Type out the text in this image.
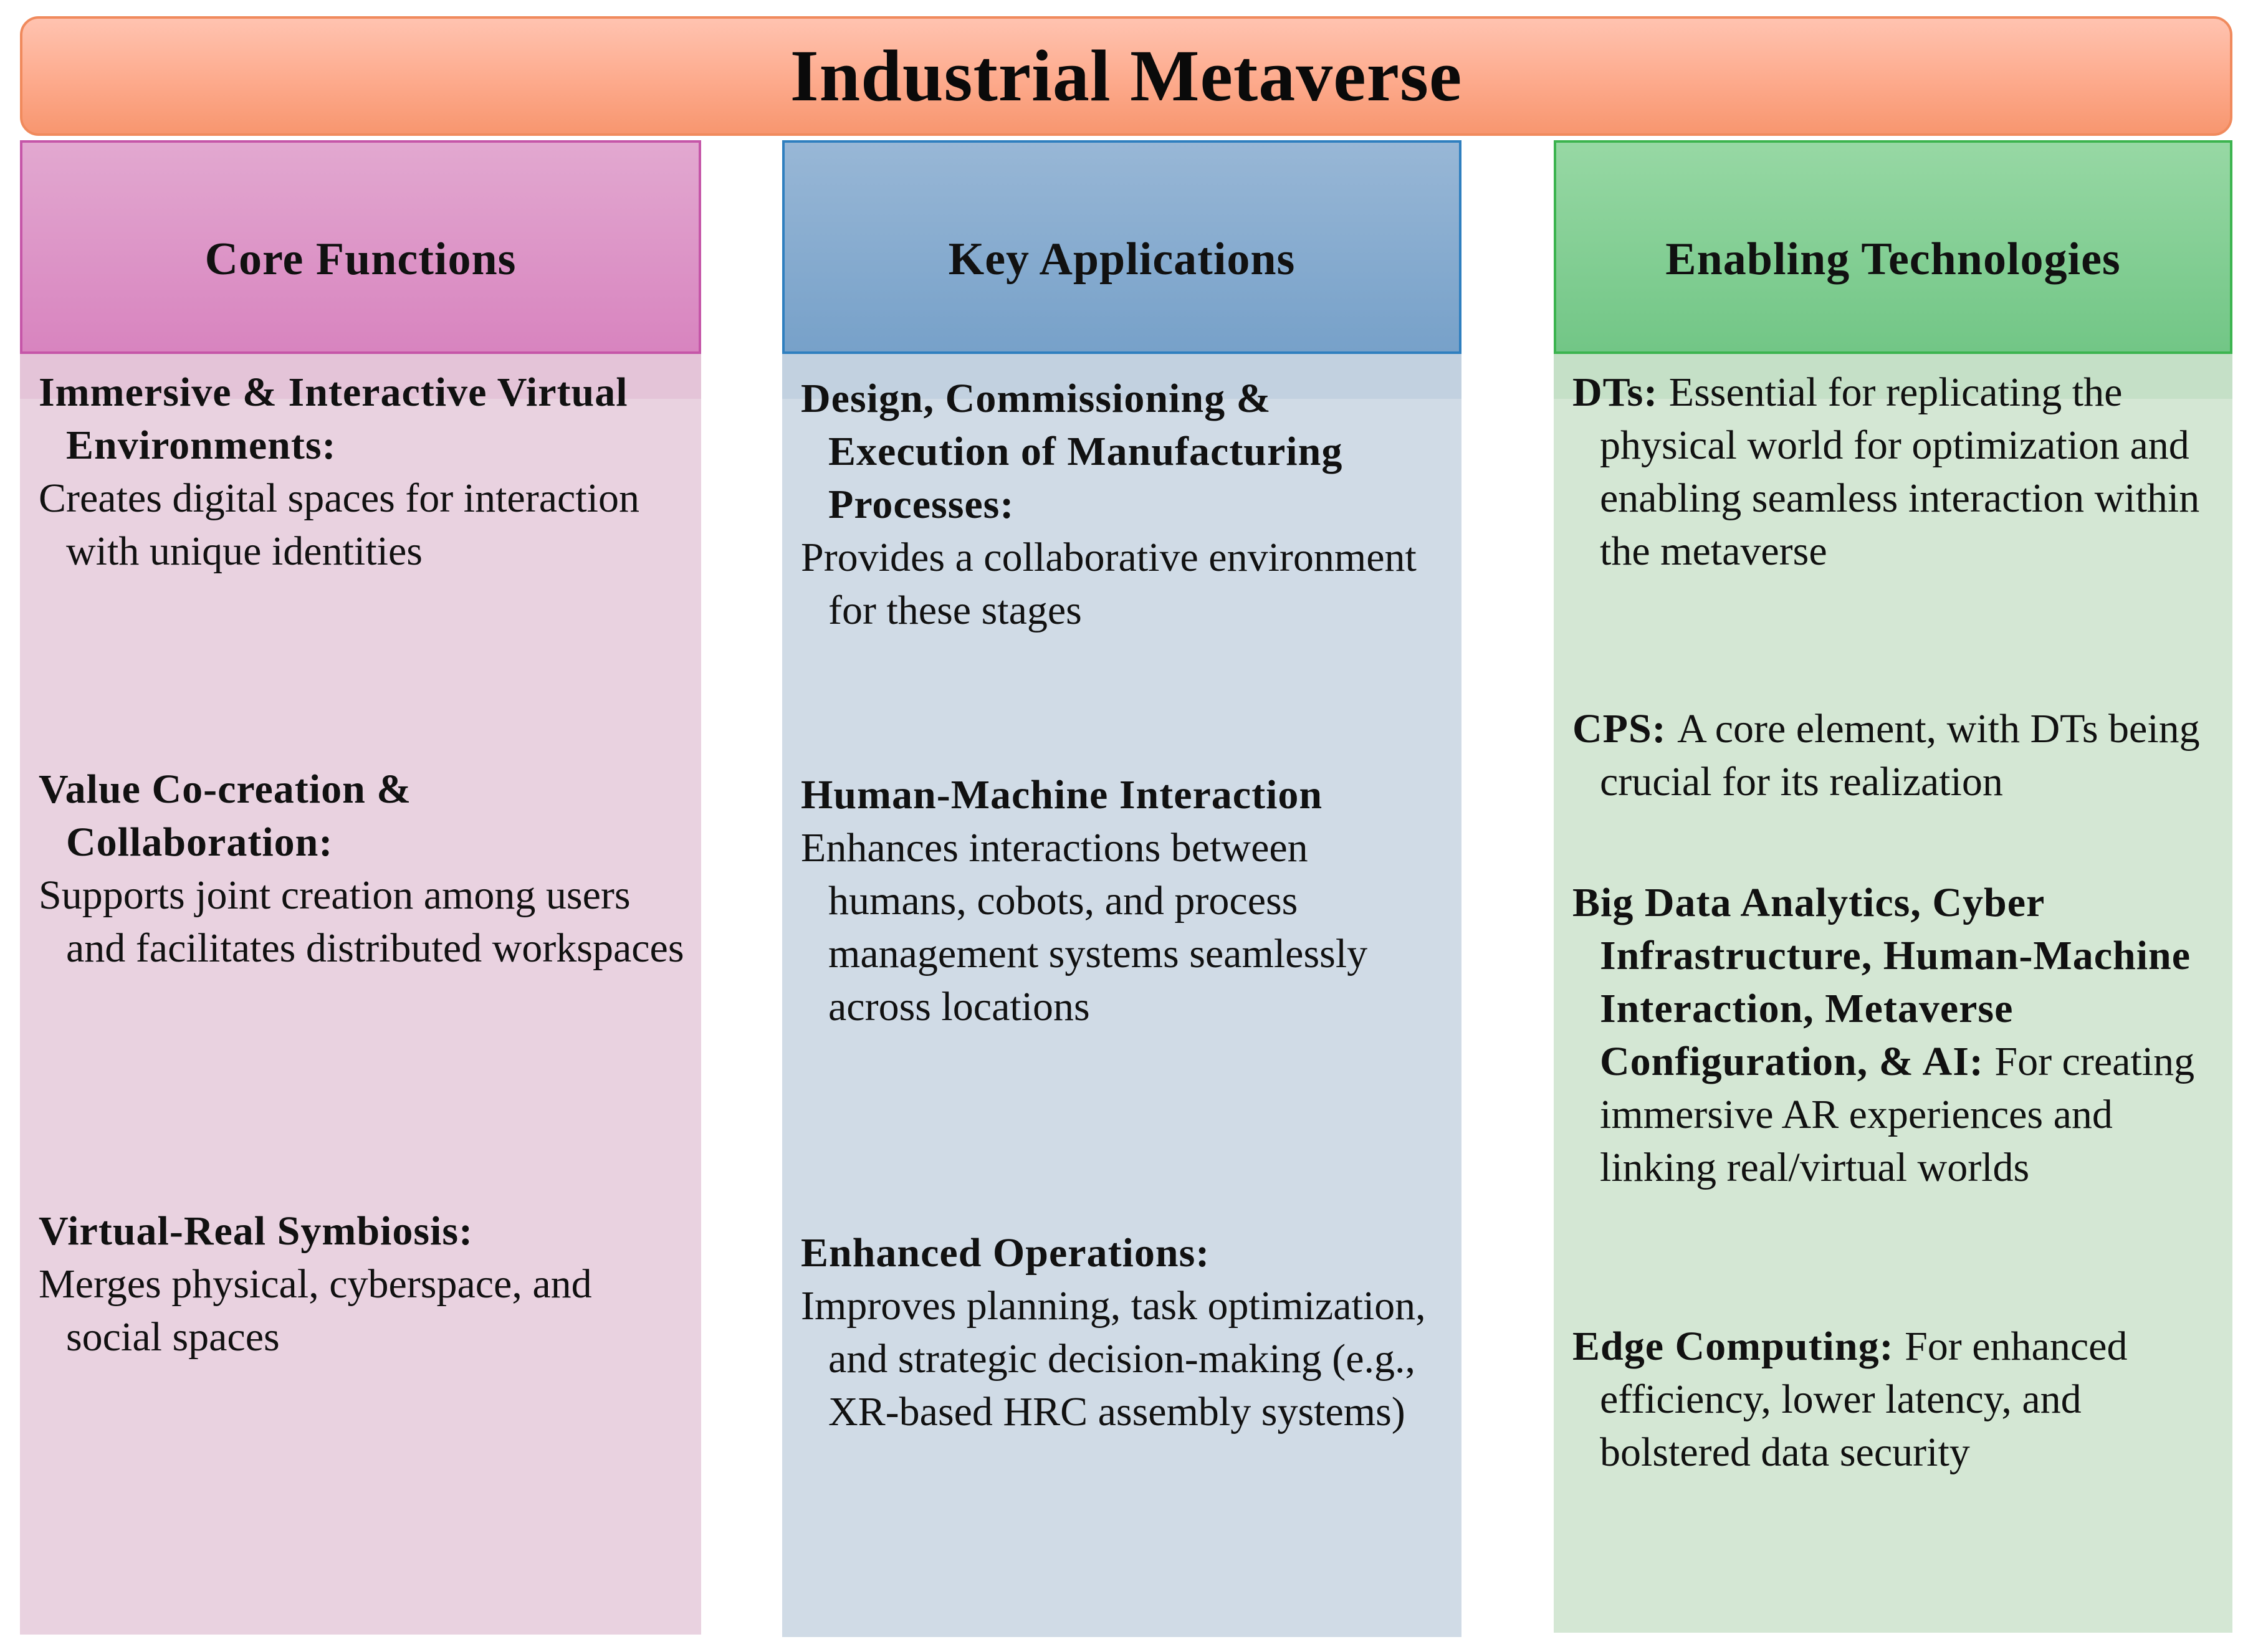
Industrial Metaverse
Core Functions
Immersive & Interactive Virtual Environments:
Creates digital spaces for interaction with unique identities
Value Co-creation & Collaboration:
Supports joint creation among users and facilitates distributed workspaces
Virtual-Real Symbiosis:
Merges physical, cyberspace, and social spaces
Key Applications
Design, Commissioning & Execution of Manufacturing Processes:
Provides a collaborative environment for these stages
Human-Machine Interaction
Enhances interactions between humans, cobots, and process management systems seamlessly across locations
Enhanced Operations:
Improves planning, task optimization, and strategic decision-making (e.g., XR-based HRC assembly systems)
Enabling Technologies
DTs: Essential for replicating the physical world for optimization and enabling seamless interaction within the metaverse
CPS: A core element, with DTs being crucial for its realization
Big Data Analytics, Cyber Infrastructure, Human-Machine Interaction, Metaverse Configuration, & AI: For creating immersive AR experiences and linking real/virtual worlds
Edge Computing: For enhanced efficiency, lower latency, and bolstered data security
